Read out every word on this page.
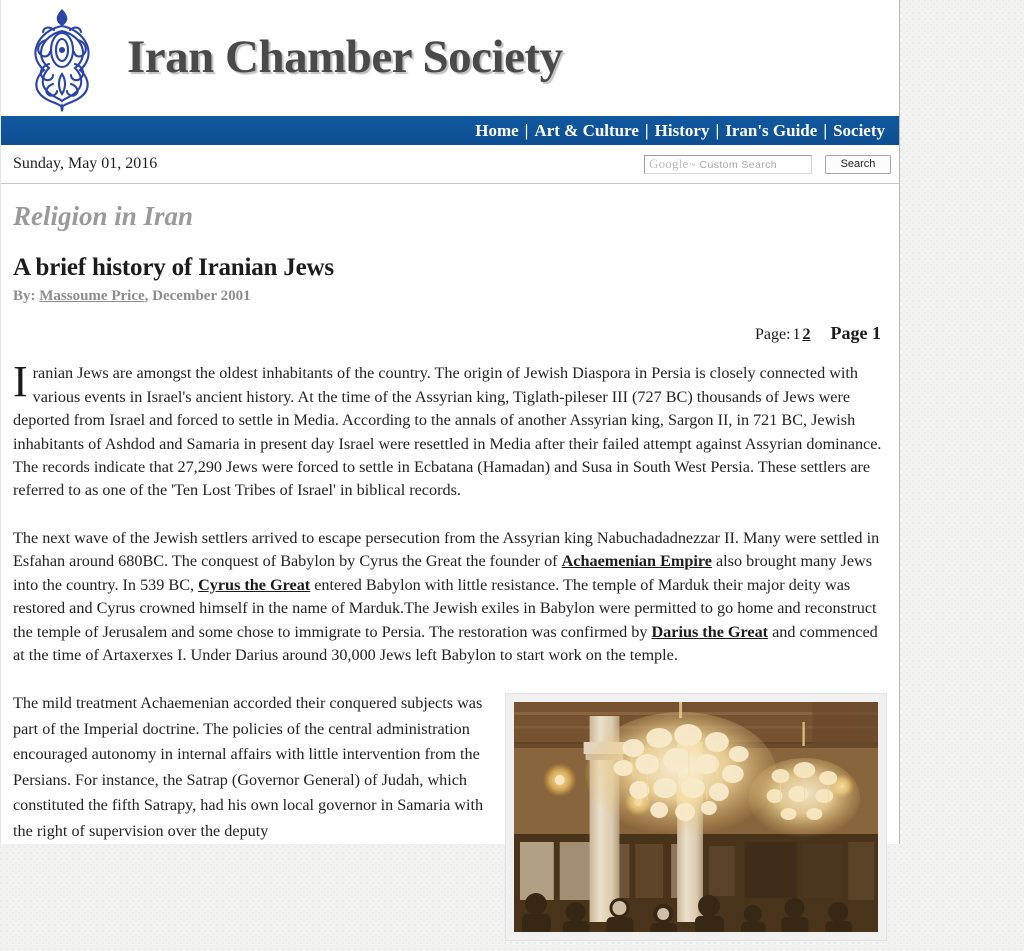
Iran Chamber Society
Home | Art & Culture | History | Iran's Guide | Society
Sunday, May 01, 2016	Google ™ Custom Search	Search
Religion in Iran
A brief history of Iranian Jews
By: Massoume Price, December 2001
Page: 1 2 Page 1

Iranian Jews are amongst the oldest inhabitants of the country. The origin of Jewish Diaspora in Persia is closely connected with various events in Israel's ancient history. At the time of the Assyrian king, Tiglath-pileser III (727 BC) thousands of Jews were deported from Israel and forced to settle in Media. According to the annals of another Assyrian king, Sargon II, in 721 BC, Jewish inhabitants of Ashdod and Samaria in present day Israel were resettled in Media after their failed attempt against Assyrian dominance. The records indicate that 27,290 Jews were forced to settle in Ecbatana (Hamadan) and Susa in South West Persia. These settlers are referred to as one of the 'Ten Lost Tribes of Israel' in biblical records.

The next wave of the Jewish settlers arrived to escape persecution from the Assyrian king Nabuchadadnezzar II. Many were settled in Esfahan around 680BC. The conquest of Babylon by Cyrus the Great the founder of Achaemenian Empire also brought many Jews into the country. In 539 BC, Cyrus the Great entered Babylon with little resistance. The temple of Marduk their major deity was restored and Cyrus crowned himself in the name of Marduk.The Jewish exiles in Babylon were permitted to go home and reconstruct the temple of Jerusalem and some chose to immigrate to Persia. The restoration was confirmed by Darius the Great and commenced at the time of Artaxerxes I. Under Darius around 30,000 Jews left Babylon to start work on the temple.

The mild treatment Achaemenian accorded their conquered subjects was part of the Imperial doctrine. The policies of the central administration encouraged autonomy in internal affairs with little intervention from the Persians. For instance, the Satrap (Governor General) of Judah, which constituted the fifth Satrapy, had his own local governor in Samaria with the right of supervision over the deputy
